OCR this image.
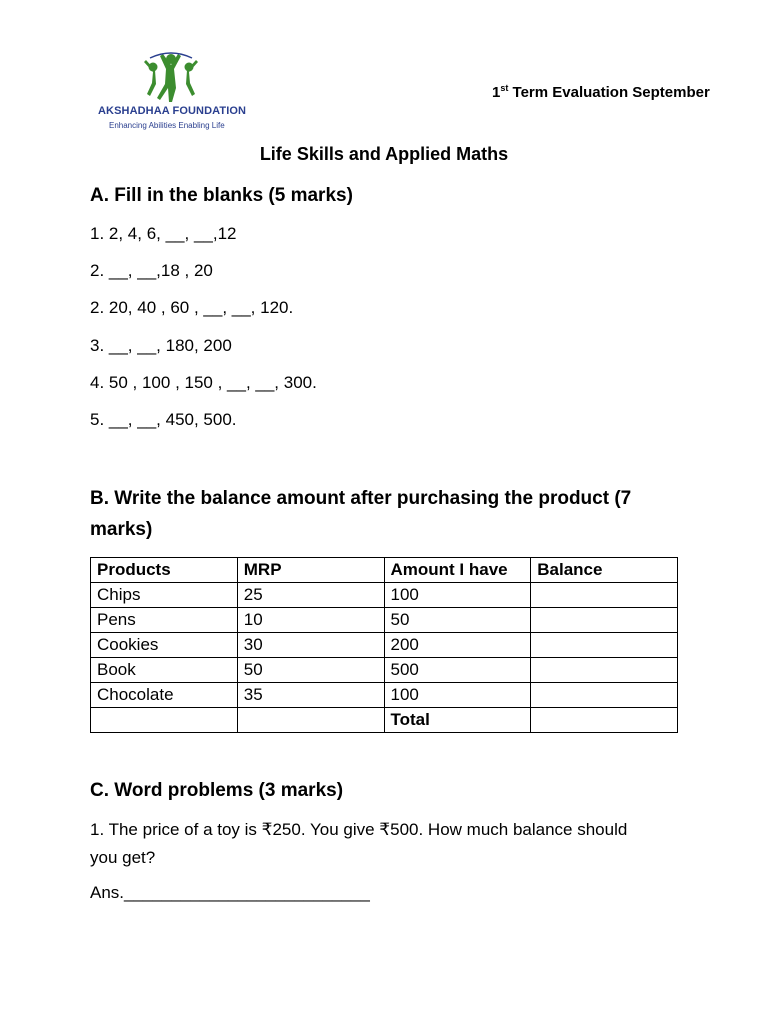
AKSHADHAA FOUNDATION
Enhancing Abilities Enabling Life
1st Term Evaluation September
Life Skills and Applied Maths
A. Fill in the blanks (5 marks)
1. 2, 4, 6, __, __,12
2. __, __,18 , 20
2. 20, 40 , 60 , __, __, 120.
3. __, __, 180, 200
4. 50 , 100 , 150 , __, __, 300.
5. __, __, 450, 500.
B. Write the balance amount after purchasing the product (7 marks)
Products	MRP	Amount I have	Balance
Chips	25	100	
Pens	10	50	
Cookies	30	200	
Book	50	500	
Chocolate	35	100	
		Total	
C. Word problems (3 marks)
1. The price of a toy is ₹250. You give ₹500. How much balance should you get?
Ans.__________________________
